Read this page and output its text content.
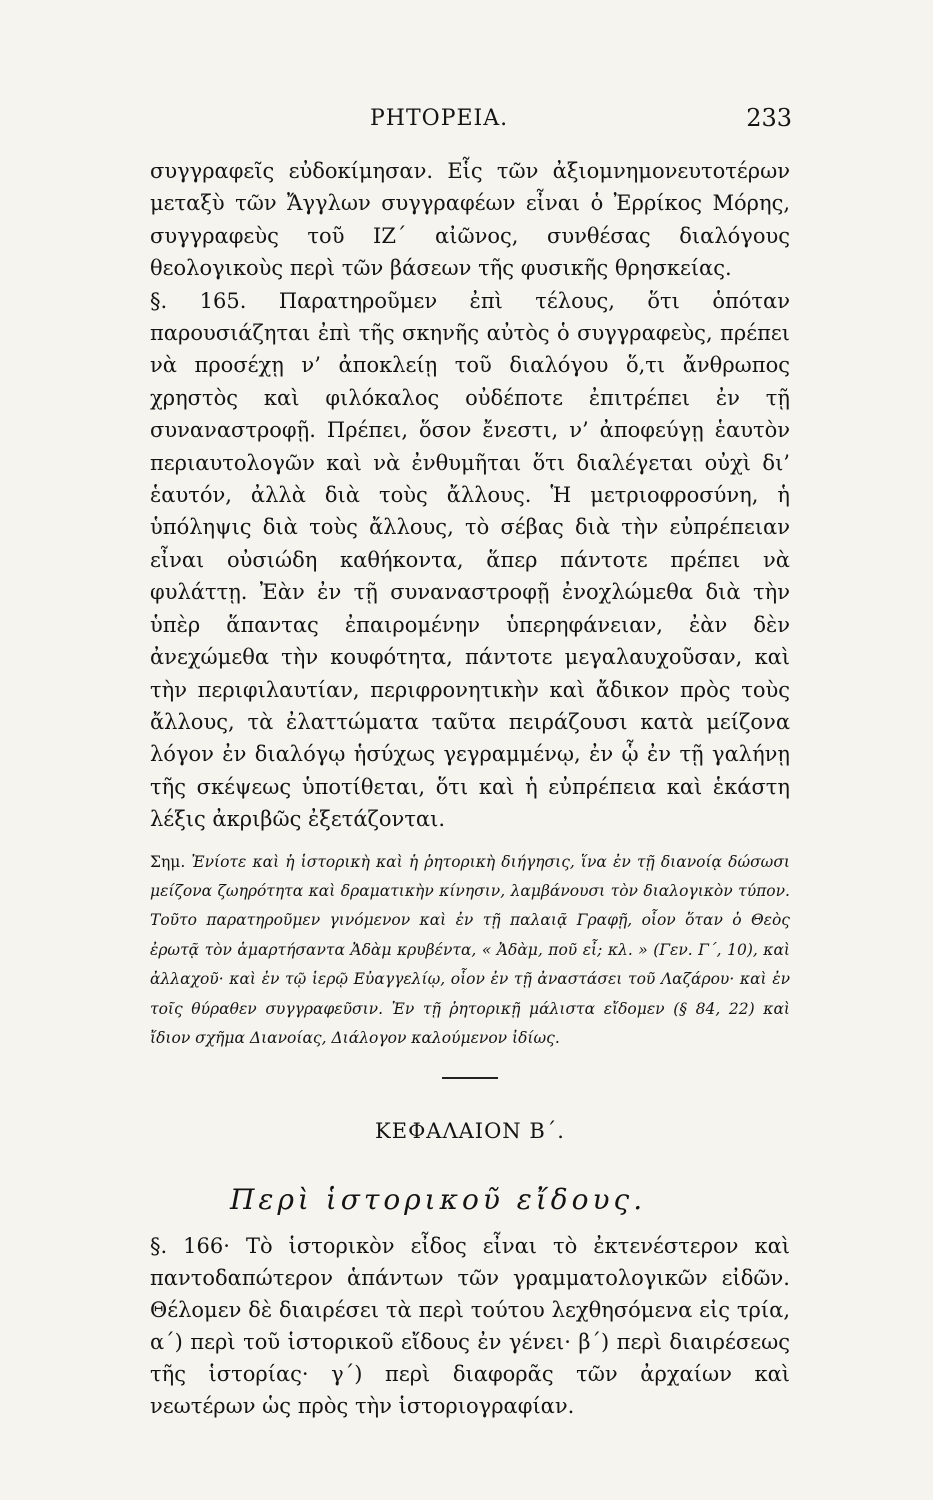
ΡΗΤΟΡΕΙΑ.	233

συγγραφεῖς εὐδοκίμησαν. Εἷς τῶν ἀξιομνημονευτοτέρων μεταξὺ τῶν Ἄγγλων συγγραφέων εἶναι ὁ Ἐρρίκος Μόρης, συγγραφεὺς τοῦ ΙΖ΄ αἰῶνος, συνθέσας διαλόγους θεολογικοὺς περὶ τῶν βάσεων τῆς φυσικῆς θρησκείας.

§. 165. Παρατηροῦμεν ἐπὶ τέλους, ὅτι ὁπόταν παρουσιάζηται ἐπὶ τῆς σκηνῆς αὐτὸς ὁ συγγραφεὺς, πρέπει νὰ προσέχῃ ν’ ἀποκλείῃ τοῦ διαλόγου ὅ,τι ἄνθρωπος χρηστὸς καὶ φιλόκαλος οὐδέποτε ἐπιτρέπει ἐν τῇ συναναστροφῇ. Πρέπει, ὅσον ἔνεστι, ν’ ἀποφεύγῃ ἑαυτὸν περιαυτολογῶν καὶ νὰ ἐνθυμῆται ὅτι διαλέγεται οὐχὶ δι’ ἑαυτόν, ἀλλὰ διὰ τοὺς ἄλλους. Ἡ μετριοφροσύνη, ἡ ὑπόληψις διὰ τοὺς ἄλλους, τὸ σέβας διὰ τὴν εὐπρέπειαν εἶναι οὐσιώδη καθήκοντα, ἅπερ πάντοτε πρέπει νὰ φυλάττῃ. Ἐὰν ἐν τῇ συναναστροφῇ ἐνοχλώμεθα διὰ τὴν ὑπὲρ ἅπαντας ἐπαιρομένην ὑπερηφάνειαν, ἐὰν δὲν ἀνεχώμεθα τὴν κουφότητα, πάντοτε μεγαλαυχοῦσαν, καὶ τὴν περιφιλαυτίαν, περιφρονητικὴν καὶ ἄδικον πρὸς τοὺς ἄλλους, τὰ ἐλαττώματα ταῦτα πειράζουσι κατὰ μείζονα λόγον ἐν διαλόγῳ ἡσύχως γεγραμμένῳ, ἐν ᾧ ἐν τῇ γαλήνῃ τῆς σκέψεως ὑποτίθεται, ὅτι καὶ ἡ εὐπρέπεια καὶ ἑκάστη λέξις ἀκριβῶς ἐξετάζονται.

Σημ. Ἐνίοτε καὶ ἡ ἱστορικὴ καὶ ἡ ῥητορικὴ διήγησις, ἵνα ἐν τῇ διανοίᾳ δώσωσι μείζονα ζωηρότητα καὶ δραματικὴν κίνησιν, λαμβάνουσι τὸν διαλογικὸν τύπον. Τοῦτο παρατηροῦμεν γινόμενον καὶ ἐν τῇ παλαιᾷ Γραφῇ, οἷον ὅταν ὁ Θεὸς ἐρωτᾷ τὸν ἁμαρτήσαντα Ἀδὰμ κρυβέντα, « Ἀδὰμ, ποῦ εἶ; κλ. » (Γεν. Γ΄, 10), καὶ ἀλλαχοῦ· καὶ ἐν τῷ ἱερῷ Εὐαγγελίῳ, οἷον ἐν τῇ ἀναστάσει τοῦ Λαζάρου· καὶ ἐν τοῖς θύραθεν συγγραφεῦσιν. Ἐν τῇ ῥητορικῇ μάλιστα εἴδομεν (§ 84, 22) καὶ ἴδιον σχῆμα Διανοίας, Διάλογον καλούμενον ἰδίως.

ΚΕΦΑΛΑΙΟΝ Β΄.

Περὶ ἱστορικοῦ εἴδους.

§. 166· Τὸ ἱστορικὸν εἶδος εἶναι τὸ ἐκτενέστερον καὶ παντοδαπώτερον ἁπάντων τῶν γραμματολογικῶν εἰδῶν. Θέλομεν δὲ διαιρέσει τὰ περὶ τούτου λεχθησόμενα εἰς τρία, α΄) περὶ τοῦ ἱστορικοῦ εἴδους ἐν γένει· β΄) περὶ διαιρέσεως τῆς ἱστορίας· γ΄) περὶ διαφορᾶς τῶν ἀρχαίων καὶ νεωτέρων ὡς πρὸς τὴν ἱστοριογραφίαν.
